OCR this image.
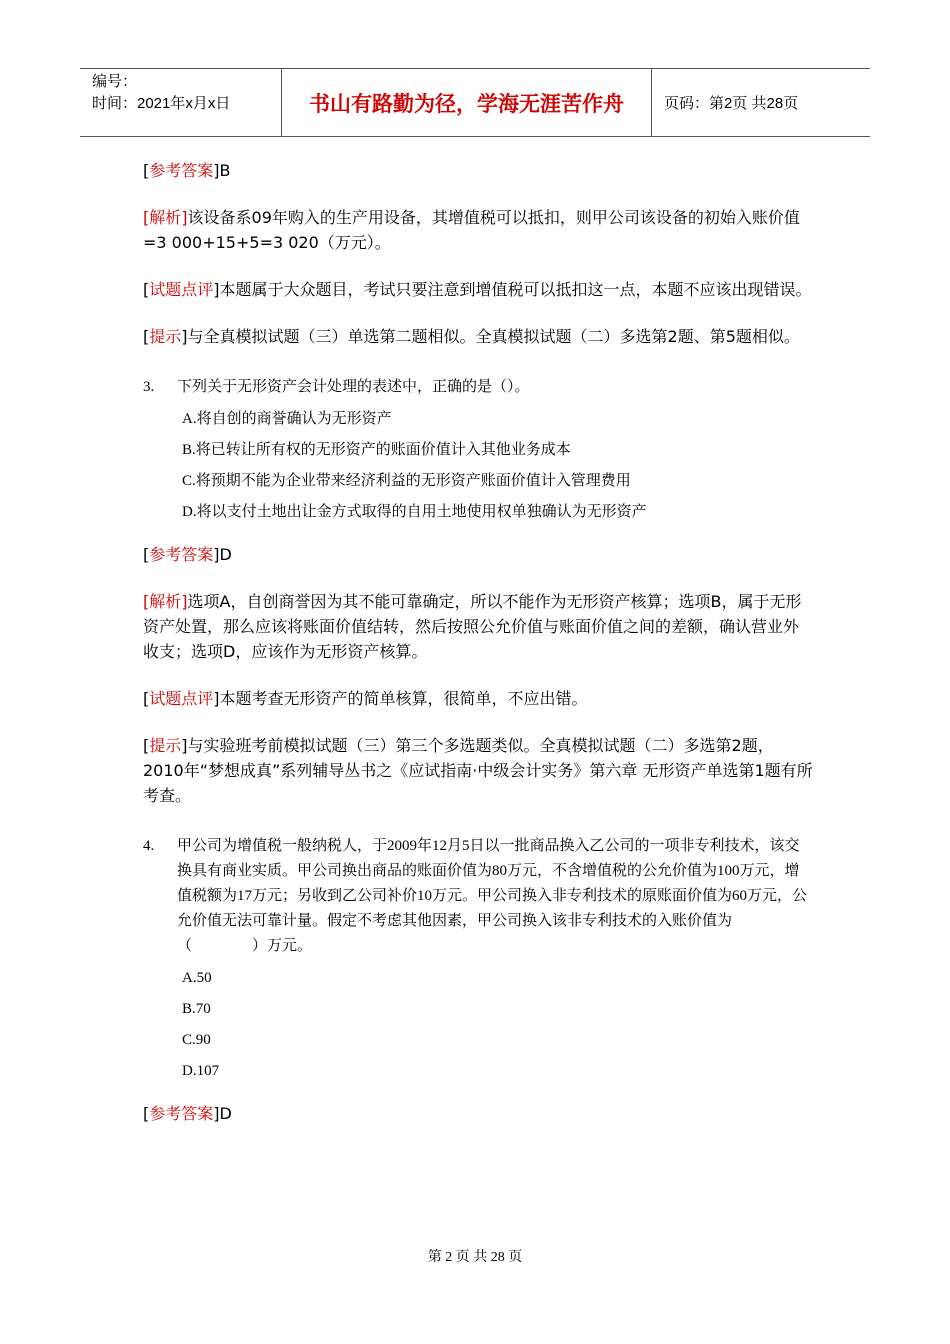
编号：
时间：2021年x月x日	书山有路勤为径，学海无涯苦作舟	页码：第2页 共28页

[参考答案]B

[解析]该设备系09年购入的生产用设备，其增值税可以抵扣，则甲公司该设备的初始入账价值=3 000+15+5=3 020（万元）。

[试题点评]本题属于大众题目，考试只要注意到增值税可以抵扣这一点，本题不应该出现错误。

[提示]与全真模拟试题（三）单选第二题相似。全真模拟试题（二）多选第2题、第5题相似。

3. 下列关于无形资产会计处理的表述中，正确的是（）。
A.将自创的商誉确认为无形资产
B.将已转让所有权的无形资产的账面价值计入其他业务成本
C.将预期不能为企业带来经济利益的无形资产账面价值计入管理费用
D.将以支付土地出让金方式取得的自用土地使用权单独确认为无形资产

[参考答案]D

[解析]选项A，自创商誉因为其不能可靠确定，所以不能作为无形资产核算；选项B，属于无形资产处置，那么应该将账面价值结转，然后按照公允价值与账面价值之间的差额，确认营业外收支；选项D，应该作为无形资产核算。

[试题点评]本题考查无形资产的简单核算，很简单，不应出错。

[提示]与实验班考前模拟试题（三）第三个多选题类似。全真模拟试题（二）多选第2题，2010年“梦想成真”系列辅导丛书之《应试指南·中级会计实务》第六章 无形资产单选第1题有所考查。

4. 甲公司为增值税一般纳税人，于2009年12月5日以一批商品换入乙公司的一项非专利技术，该交换具有商业实质。甲公司换出商品的账面价值为80万元，不含增值税的公允价值为100万元，增值税额为17万元；另收到乙公司补价10万元。甲公司换入非专利技术的原账面价值为60万元，公允价值无法可靠计量。假定不考虑其他因素，甲公司换入该非专利技术的入账价值为（　　　　）万元。
A.50
B.70
C.90
D.107

[参考答案]D

第 2 页 共 28 页
